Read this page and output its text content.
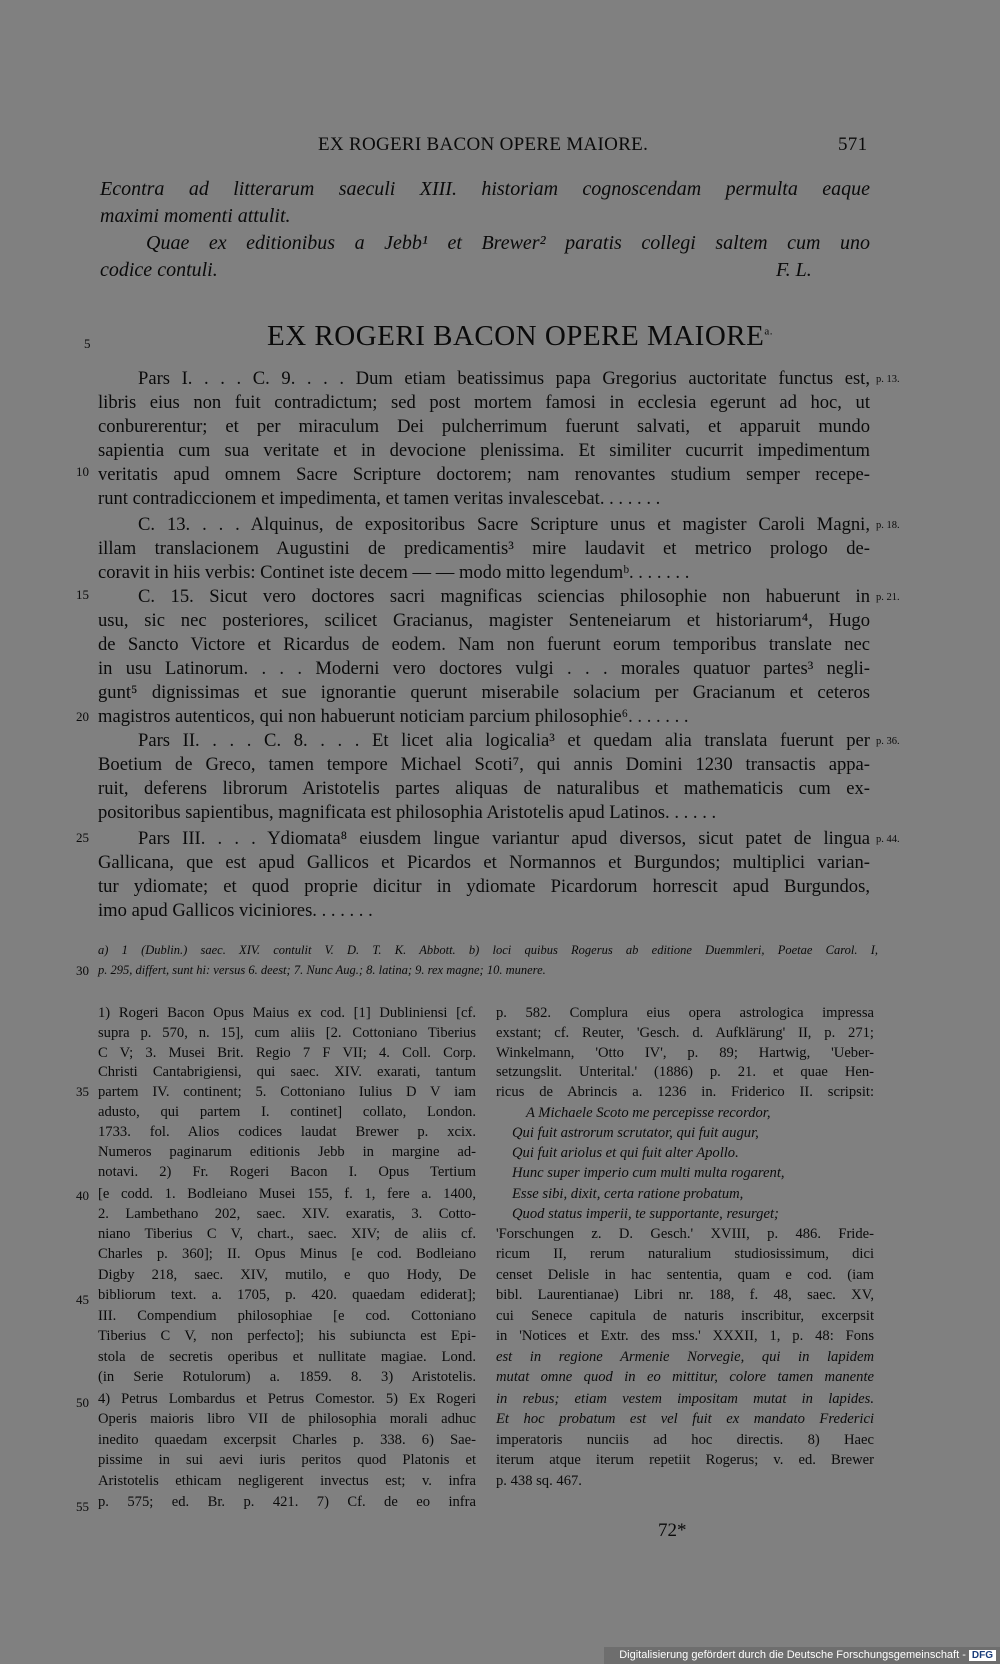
EX ROGERI BACON OPERE MAIORE.	571
Econtra ad litterarum saeculi XIII. historiam cognoscendam permulta eaque
maximi momenti attulit.
Quae ex editionibus a Jebb¹ et Brewer² paratis collegi saltem cum uno
codice contuli.	F. L.
EX ROGERI BACON OPERE $MAIORE^{a.}$
5
10
15
20
25
30
35
40
45
50
55
p. 13.
p. 18.
p. 21.
p. 36.
p. 44.
Pars I. . . . C. 9. . . . Dum etiam beatissimus papa Gregorius auctoritate functus est,
libris eius non fuit contradictum; sed post mortem famosi in ecclesia egerunt ad hoc, ut
conburerentur; et per miraculum Dei pulcherrimum fuerunt salvati, et apparuit mundo
sapientia cum sua veritate et in devocione plenissima. Et similiter cucurrit impedimentum
veritatis apud omnem Sacre Scripture doctorem; nam renovantes studium semper recepe-
runt contradiccionem et impedimenta, et tamen veritas invalescebat. . . . . . .
C. 13. . . . Alquinus, de expositoribus Sacre Scripture unus et magister Caroli Magni,
illam translacionem Augustini de predicamentis³ mire laudavit et metrico prologo de-
coravit in hiis verbis: Continet iste decem — — modo mitto legendumᵇ. . . . . . .
C. 15. Sicut vero doctores sacri magnificas sciencias philosophie non habuerunt in
usu, sic nec posteriores, scilicet Gracianus, magister Senteneiarum et historiarum⁴, Hugo
de Sancto Victore et Ricardus de eodem. Nam non fuerunt eorum temporibus translate nec
in usu Latinorum. . . . Moderni vero doctores vulgi . . . morales quatuor partes³ negli-
gunt⁵ dignissimas et sue ignorantie querunt miserabile solacium per Gracianum et ceteros
magistros autenticos, qui non habuerunt noticiam parcium philosophie⁶. . . . . . .
Pars II. . . . C. 8. . . . Et licet alia logicalia³ et quedam alia translata fuerunt per
Boetium de Greco, tamen tempore Michael Scoti⁷, qui annis Domini 1230 transactis appa-
ruit, deferens librorum Aristotelis partes aliquas de naturalibus et mathematicis cum ex-
positoribus sapientibus, magnificata est philosophia Aristotelis apud Latinos. . . . . .
Pars III. . . . Ydiomata⁸ eiusdem lingue variantur apud diversos, sicut patet de lingua
Gallicana, que est apud Gallicos et Picardos et Normannos et Burgundos; multiplici varian-
tur ydiomate; et quod proprie dicitur in ydiomate Picardorum horrescit apud Burgundos,
imo apud Gallicos viciniores. . . . . . .
a) 1 (Dublin.) saec. XIV. contulit V. D. T. K. Abbott. b) loci quibus Rogerus ab editione Duemmleri, Poetae Carol. I,
p. 295, differt, sunt hi: versus 6. deest; 7. Nunc Aug.; 8. latina; 9. rex magne; 10. munere.
1) Rogeri Bacon Opus Maius ex cod. [1] Dubliniensi [cf.
supra p. 570, n. 15], cum aliis [2. Cottoniano Tiberius
C V; 3. Musei Brit. Regio 7 F VII; 4. Coll. Corp.
Christi Cantabrigiensi, qui saec. XIV. exarati, tantum
partem IV. continent; 5. Cottoniano Iulius D V iam
adusto, qui partem I. continet] collato, London.
1733. fol. Alios codices laudat Brewer p. xcix.
Numeros paginarum editionis Jebb in margine ad-
notavi. 2) Fr. Rogeri Bacon I. Opus Tertium
[e codd. 1. Bodleiano Musei 155, f. 1, fere a. 1400,
2. Lambethano 202, saec. XIV. exaratis, 3. Cotto-
niano Tiberius C V, chart., saec. XIV; de aliis cf.
Charles p. 360]; II. Opus Minus [e cod. Bodleiano
Digby 218, saec. XIV, mutilo, e quo Hody, De
bibliorum text. a. 1705, p. 420. quaedam ediderat];
III. Compendium philosophiae [e cod. Cottoniano
Tiberius C V, non perfecto]; his subiuncta est Epi-
stola de secretis operibus et nullitate magiae. Lond.
(in Serie Rotulorum) a. 1859. 8. 3) Aristotelis.
4) Petrus Lombardus et Petrus Comestor. 5) Ex Rogeri
Operis maioris libro VII de philosophia morali adhuc
inedito quaedam excerpsit Charles p. 338. 6) Sae-
pissime in sui aevi iuris peritos quod Platonis et
Aristotelis ethicam negligerent invectus est; v. infra
p. 575; ed. Br. p. 421. 7) Cf. de eo infra
p. 582. Complura eius opera astrologica impressa
exstant; cf. Reuter, 'Gesch. d. Aufklärung' II, p. 271;
Winkelmann, 'Otto IV', p. 89; Hartwig, 'Ueber-
setzungslit. Unterital.' (1886) p. 21. et quae Hen-
ricus de Abrincis a. 1236 in. Friderico II. scripsit:
A Michaele Scoto me percepisse recordor,
Qui fuit astrorum scrutator, qui fuit augur,
Qui fuit ariolus et qui fuit alter Apollo.
Hunc super imperio cum multi multa rogarent,
Esse sibi, dixit, certa ratione probatum,
Quod status imperii, te supportante, resurget;
'Forschungen z. D. Gesch.' XVIII, p. 486. Fride-
ricum II, rerum naturalium studiosissimum, dici
censet Delisle in hac sententia, quam e cod. (iam
bibl. Laurentianae) Libri nr. 188, f. 48, saec. XV,
cui Senece capitula de naturis inscribitur, excerpsit
in 'Notices et Extr. des mss.' XXXII, 1, p. 48: Fons
est in regione Armenie Norvegie, qui in lapidem
mutat omne quod in eo mittitur, colore tamen manente
in rebus; etiam vestem impositam mutat in lapides.
Et hoc probatum est vel fuit ex mandato Frederici
imperatoris nunciis ad hoc directis. 8) Haec
iterum atque iterum repetiit Rogerus; v. ed. Brewer
p. 438 sq. 467.
72*
Digitalisierung gefördert durch die Deutsche Forschungsgemeinschaft - DFG
